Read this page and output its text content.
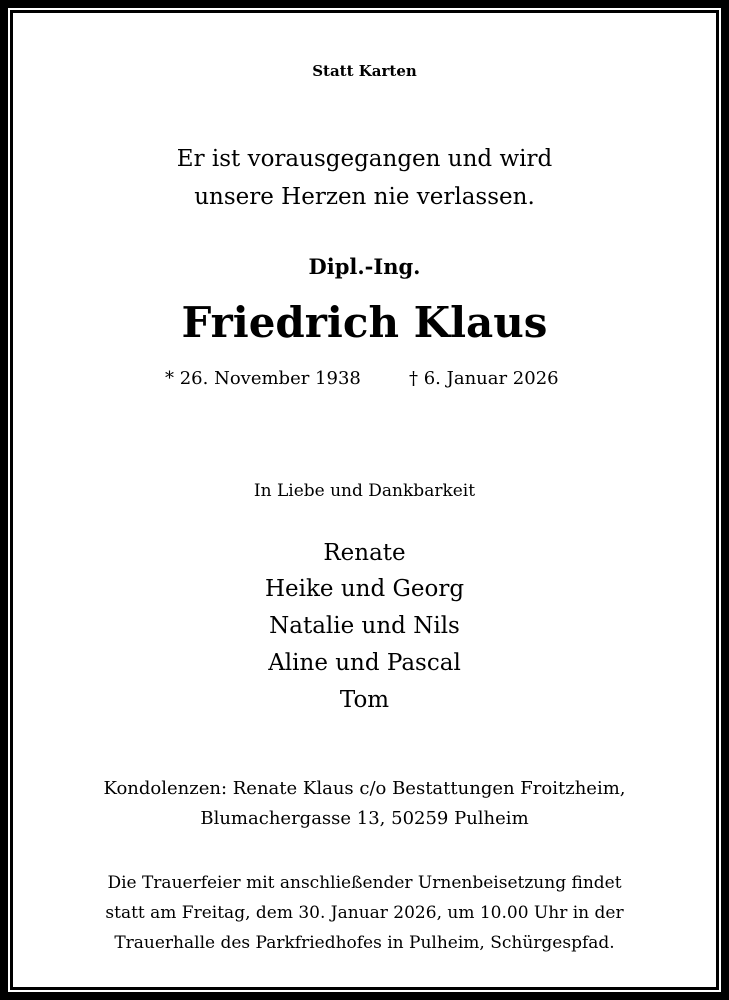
Statt Karten
Er ist vorausgegangen und wird
unsere Herzen nie verlassen.
Dipl.-Ing.
Friedrich Klaus
* 26. November 1938	† 6. Januar 2026
In Liebe und Dankbarkeit
Renate
Heike und Georg
Natalie und Nils
Aline und Pascal
Tom
Kondolenzen: Renate Klaus c/o Bestattungen Froitzheim,
Blumachergasse 13, 50259 Pulheim
Die Trauerfeier mit anschließender Urnenbeisetzung findet
statt am Freitag, dem 30. Januar 2026, um 10.00 Uhr in der
Trauerhalle des Parkfriedhofes in Pulheim, Schürgespfad.
